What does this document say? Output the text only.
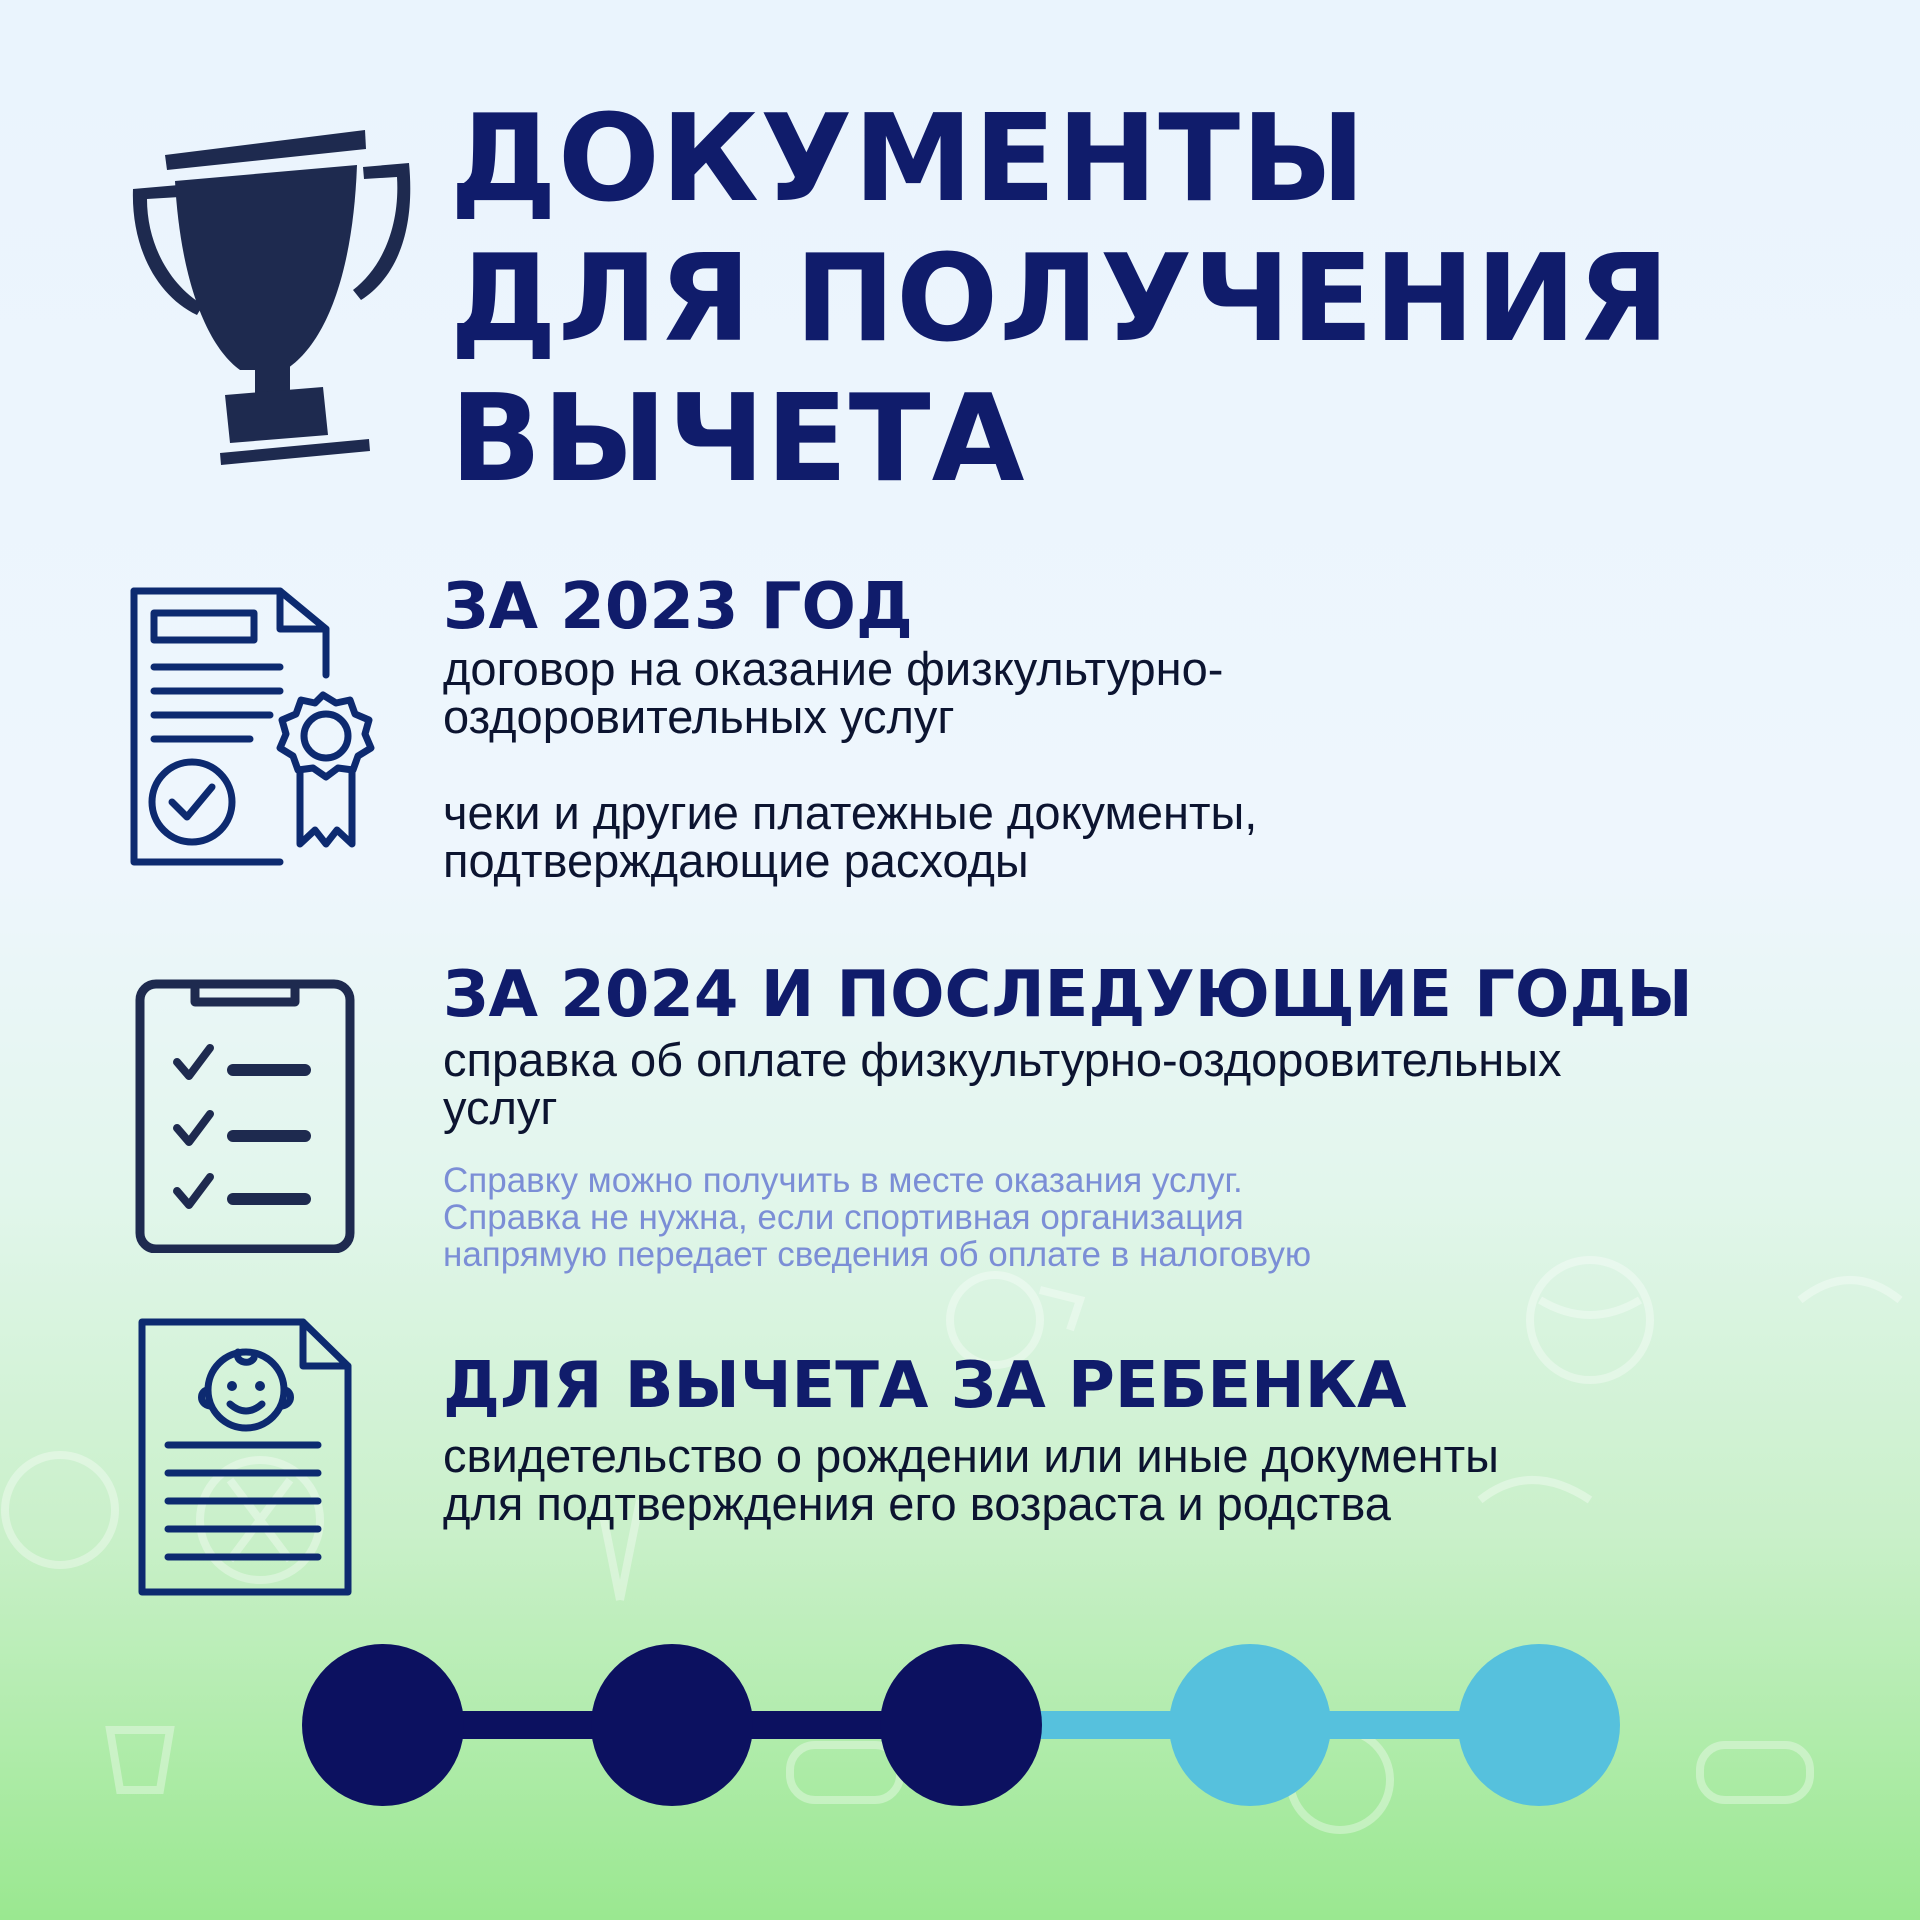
ДОКУМЕНТЫ
ДЛЯ ПОЛУЧЕНИЯ
ВЫЧЕТА
ЗА 2023 ГОД

договор на оказание физкультурно-

оздоровительных услуг

чеки и другие платежные документы,

подтверждающие расходы

ЗА 2024 И ПОСЛЕДУЮЩИЕ ГОДЫ

справка об оплате физкультурно-оздоровительных

услуг

Справку можно получить в месте оказания услуг.

Справка не нужна, если спортивная организация

напрямую передает сведения об оплате в налоговую

ДЛЯ ВЫЧЕТА ЗА РЕБЕНКА

свидетельство о рождении или иные документы

для подтверждения его возраста и родства
